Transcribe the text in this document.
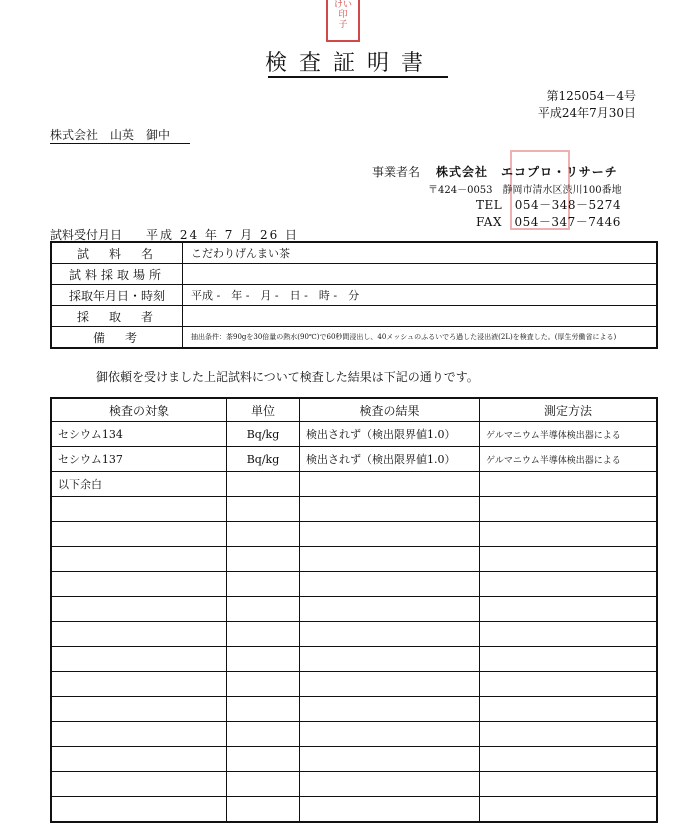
けい
印
子
検査証明書
第125054－4号
平成24年7月30日
株式会社　山英　御中
事業者名 株式会社　エコプロ・リサーチ
〒424－0053　静岡市清水区渋川100番地
TEL　054－348－5274
FAX　054－347－7446
試料受付月日 平成 24 年 7 月 26 日
試　料　名	こだわりげんまい茶
試料採取場所	
採取年月日・時刻	平成 -　年 -　月 -　日 -　時 -　分
採　取　者	
備　考	抽出条件：茶90gを30倍量の熱水(90℃)で60秒間浸出し、40メッシュのふるいでろ過した浸出液(2L)を検査した。(厚生労働省による)
御依頼を受けました上記試料について検査した結果は下記の通りです。
検査の対象	単位	検査の結果	測定方法
セシウム134	Bq/kg	検出されず（検出限界値1.0）	ゲルマニウム半導体検出器による
セシウム137	Bq/kg	検出されず（検出限界値1.0）	ゲルマニウム半導体検出器による
以下余白			
